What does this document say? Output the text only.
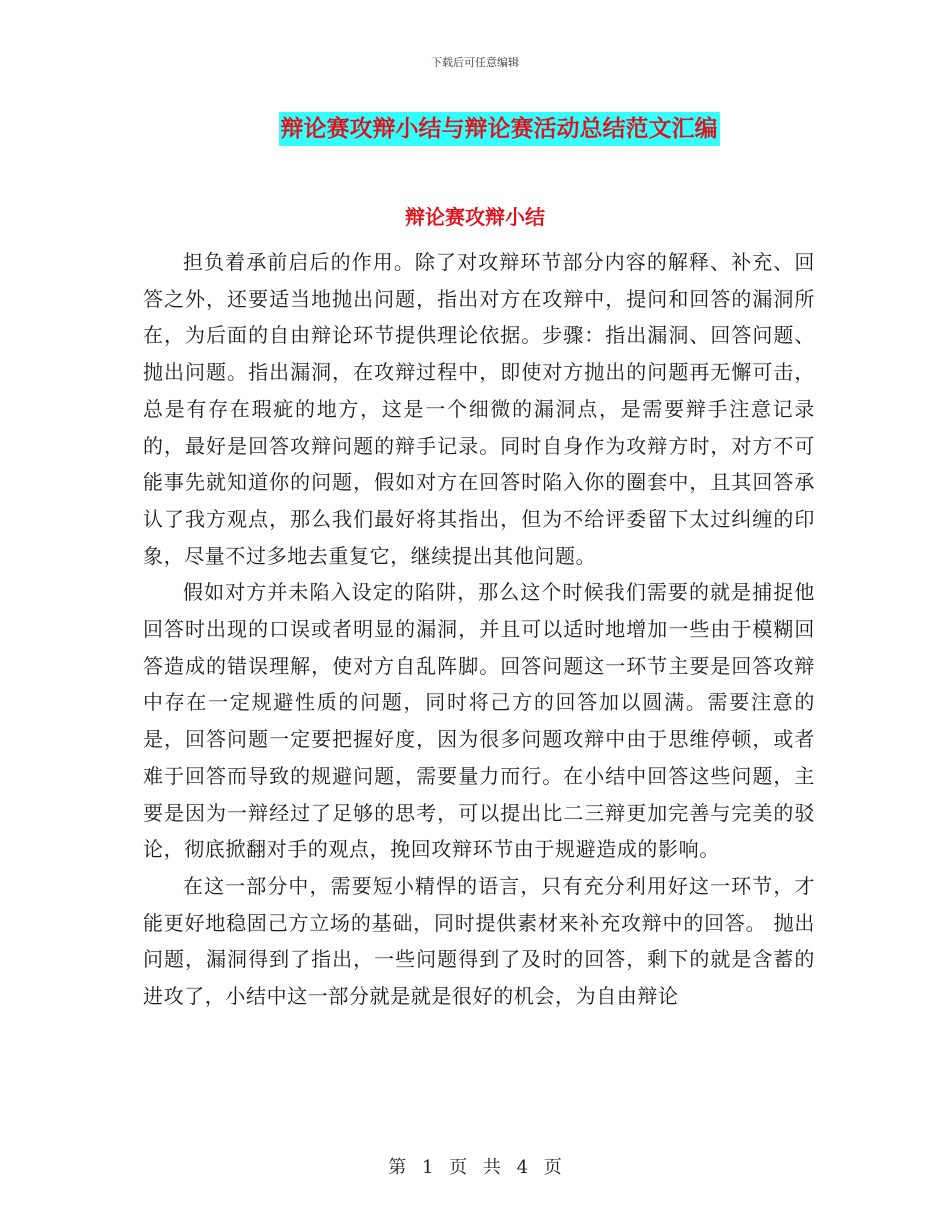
下载后可任意编辑
辩论赛攻辩小结与辩论赛活动总结范文汇编
辩论赛攻辩小结

担负着承前启后的作用。除了对攻辩环节部分内容的解释、补充、回答之外，还要适当地抛出问题，指出对方在攻辩中，提问和回答的漏洞所在，为后面的自由辩论环节提供理论依据。步骤：指出漏洞、回答问题、抛出问题。指出漏洞，在攻辩过程中，即使对方抛出的问题再无懈可击，总是有存在瑕疵的地方，这是一个细微的漏洞点，是需要辩手注意记录的，最好是回答攻辩问题的辩手记录。同时自身作为攻辩方时，对方不可能事先就知道你的问题，假如对方在回答时陷入你的圈套中，且其回答承认了我方观点，那么我们最好将其指出，但为不给评委留下太过纠缠的印象，尽量不过多地去重复它，继续提出其他问题。

假如对方并未陷入设定的陷阱，那么这个时候我们需要的就是捕捉他回答时出现的口误或者明显的漏洞，并且可以适时地增加一些由于模糊回答造成的错误理解，使对方自乱阵脚。回答问题这一环节主要是回答攻辩中存在一定规避性质的问题，同时将己方的回答加以圆满。需要注意的是，回答问题一定要把握好度，因为很多问题攻辩中由于思维停顿，或者难于回答而导致的规避问题，需要量力而行。在小结中回答这些问题，主要是因为一辩经过了足够的思考，可以提出比二三辩更加完善与完美的驳论，彻底掀翻对手的观点，挽回攻辩环节由于规避造成的影响。

在这一部分中，需要短小精悍的语言，只有充分利用好这一环节，才能更好地稳固己方立场的基础，同时提供素材来补充攻辩中的回答。 抛出问题，漏洞得到了指出，一些问题得到了及时的回答，剩下的就是含蓄的进攻了，小结中这一部分就是就是很好的机会，为自由辩论

第 1 页 共 4 页
